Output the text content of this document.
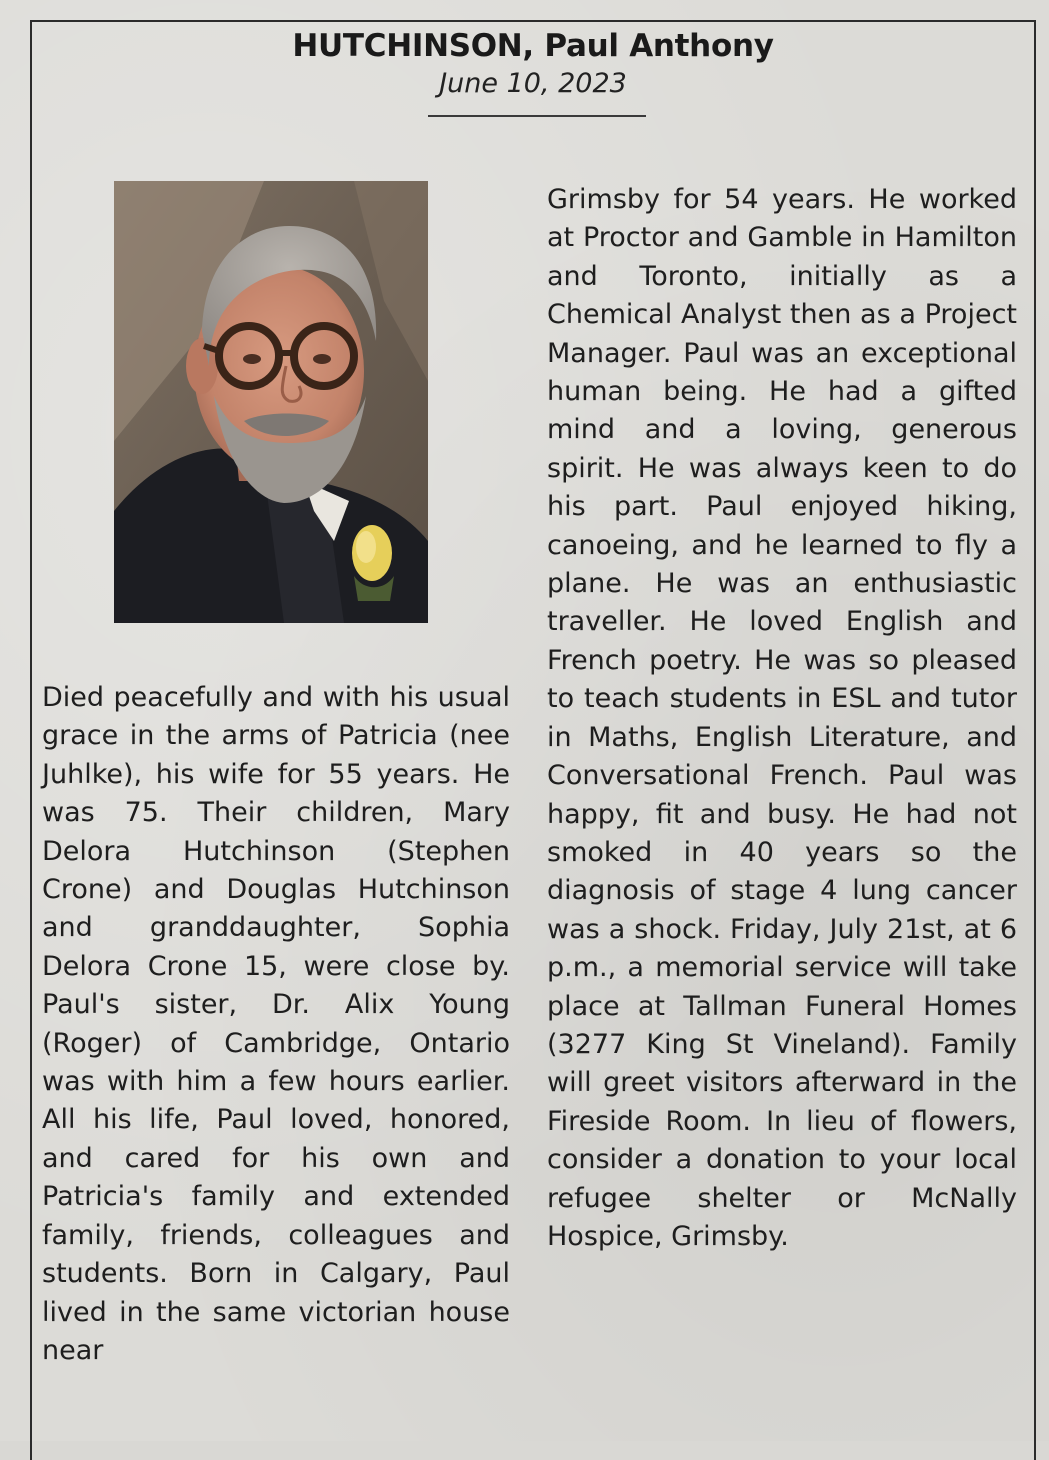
HUTCHINSON, Paul Anthony
June 10, 2023
Died peacefully and with his usual grace in the arms of Patricia (nee Juhlke), his wife for 55 years. He was 75. Their children, Mary Delora Hutchinson (Stephen Crone) and Douglas Hutchinson and granddaughter, Sophia Delora Crone 15, were close by. Paul's sister, Dr. Alix Young (Roger) of Cambridge, Ontario was with him a few hours earlier. All his life, Paul loved, honored, and cared for his own and Patricia's family and extended family, friends, colleagues and students. Born in Calgary, Paul lived in the same victorian house near
Grimsby for 54 years. He worked at Proctor and Gamble in Hamilton and Toronto, initially as a Chemical Analyst then as a Project Manager. Paul was an exceptional human being. He had a gifted mind and a loving, generous spirit. He was always keen to do his part. Paul enjoyed hiking, canoeing, and he learned to fly a plane. He was an enthusiastic traveller. He loved English and French poetry. He was so pleased to teach students in ESL and tutor in Maths, English Literature, and Conversational French. Paul was happy, fit and busy. He had not smoked in 40 years so the diagnosis of stage 4 lung cancer was a shock. Friday, July 21st, at 6 p.m., a memorial service will take place at Tallman Funeral Homes (3277 King St Vineland). Family will greet visitors afterward in the Fireside Room. In lieu of flowers, consider a donation to your local refugee shelter or McNally Hospice, Grimsby.
